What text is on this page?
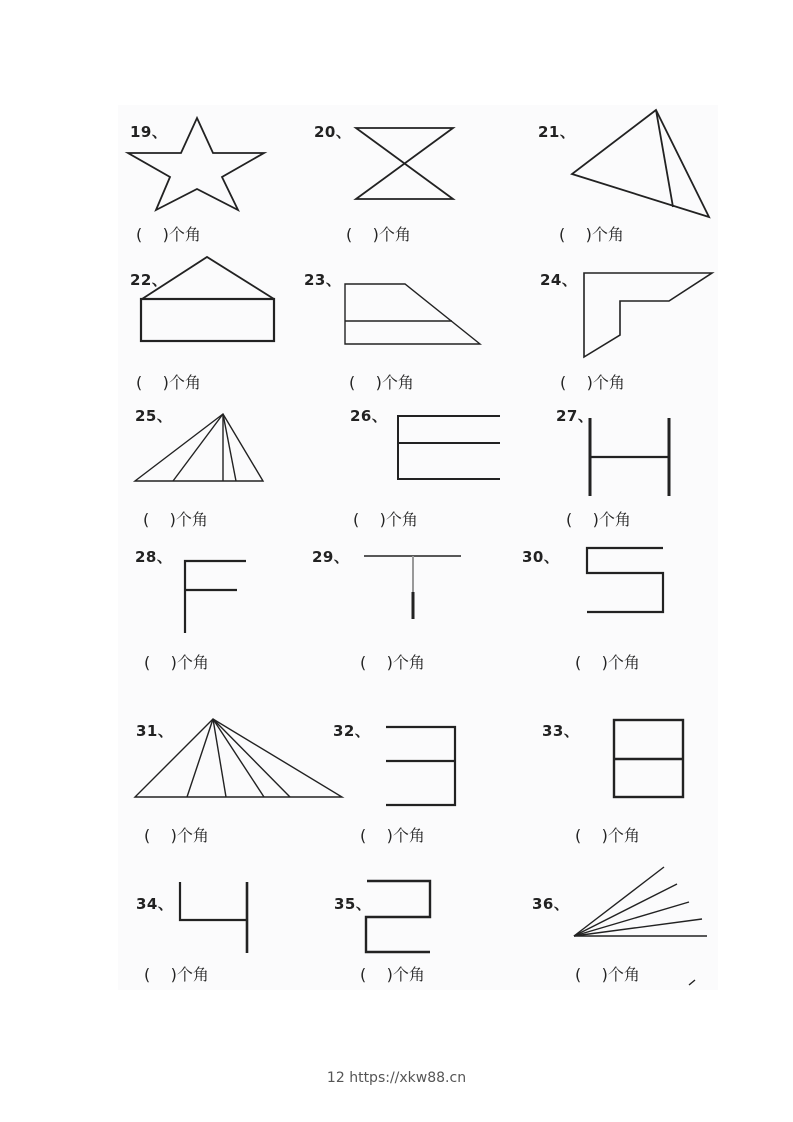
19、	20、	21、
22、	23、	24、
25、	26、	27、
28、	29、	30、
31、	32、	33、
34、	35、	36、
(    )个角	(    )个角	(    )个角
(    )个角	(    )个角	(    )个角
(    )个角	(    )个角	(    )个角
(    )个角	(    )个角	(    )个角
(    )个角	(    )个角	(    )个角
(    )个角	(    )个角	(    )个角
12 https://xkw88.cn
